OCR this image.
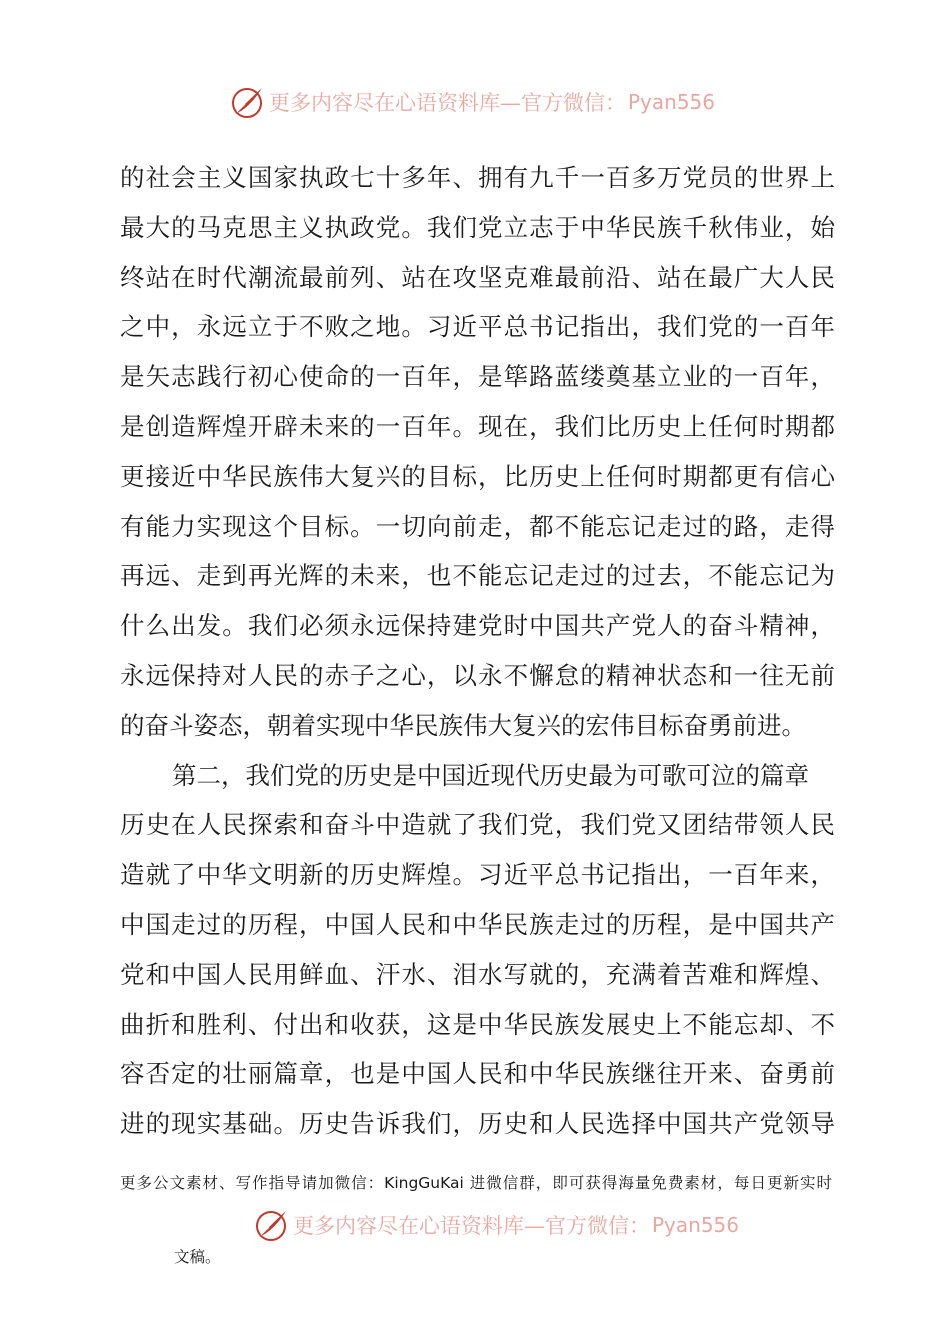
更多内容尽在心语资料库—官方微信： Pyan556
的社会主义国家执政七十多年、拥有九千一百多万党员的世界上
最大的马克思主义执政党。我们党立志于中华民族千秋伟业，始
终站在时代潮流最前列、站在攻坚克难最前沿、站在最广大人民
之中，永远立于不败之地。习近平总书记指出，我们党的一百年
是矢志践行初心使命的一百年，是筚路蓝缕奠基立业的一百年，
是创造辉煌开辟未来的一百年。现在，我们比历史上任何时期都
更接近中华民族伟大复兴的目标，比历史上任何时期都更有信心
有能力实现这个目标。一切向前走，都不能忘记走过的路，走得
再远、走到再光辉的未来，也不能忘记走过的过去，不能忘记为
什么出发。我们必须永远保持建党时中国共产党人的奋斗精神，
永远保持对人民的赤子之心，以永不懈怠的精神状态和一往无前
的奋斗姿态，朝着实现中华民族伟大复兴的宏伟目标奋勇前进。
第二，我们党的历史是中国近现代历史最为可歌可泣的篇章
历史在人民探索和奋斗中造就了我们党，我们党又团结带领人民
造就了中华文明新的历史辉煌。习近平总书记指出，一百年来，
中国走过的历程，中国人民和中华民族走过的历程，是中国共产
党和中国人民用鲜血、汗水、泪水写就的，充满着苦难和辉煌、
曲折和胜利、付出和收获，这是中华民族发展史上不能忘却、不
容否定的壮丽篇章，也是中国人民和中华民族继往开来、奋勇前
进的现实基础。历史告诉我们，历史和人民选择中国共产党领导
更多公文素材、写作指导请加微信：KingGuKai 进微信群，即可获得海量免费素材，每日更新实时
更多内容尽在心语资料库—官方微信： Pyan556
文稿。
